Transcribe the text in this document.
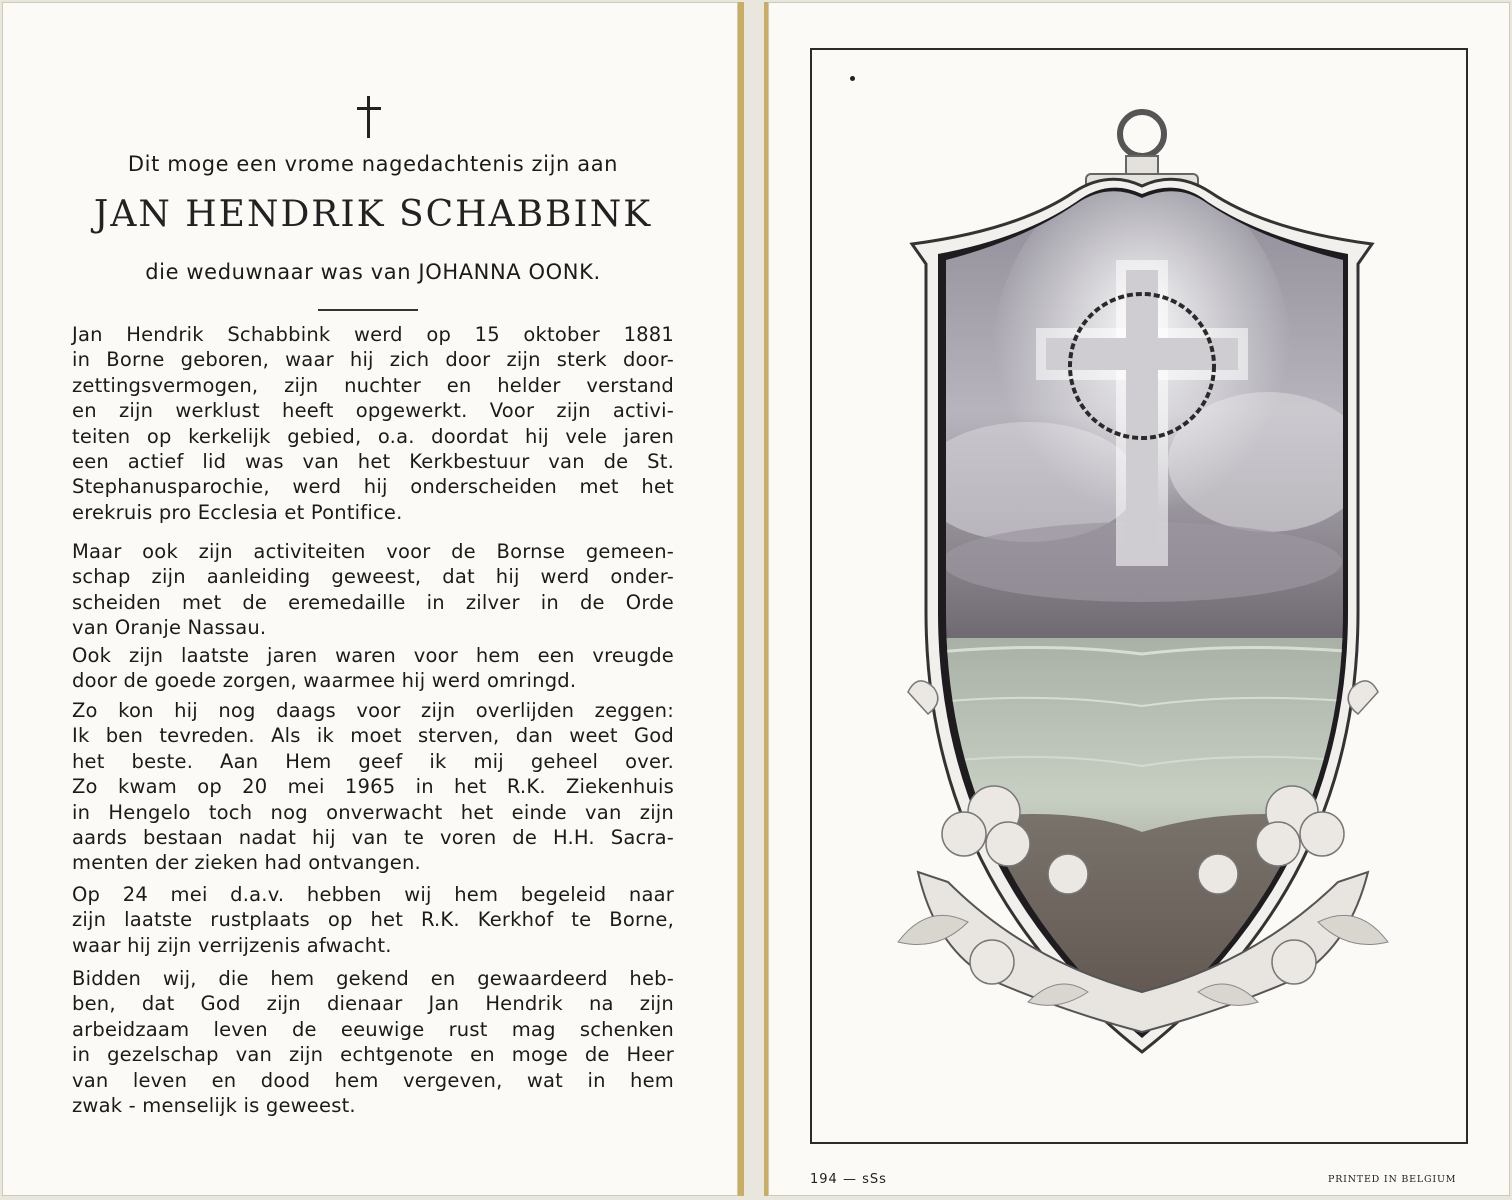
Dit moge een vrome nagedachtenis zijn aan
JAN HENDRIK SCHABBINK
die weduwnaar was van JOHANNA OONK.
Jan Hendrik Schabbink werd op 15 oktober 1881
in Borne geboren, waar hij zich door zijn sterk door-
zettingsvermogen, zijn nuchter en helder verstand
en zijn werklust heeft opgewerkt. Voor zijn activi-
teiten op kerkelijk gebied, o.a. doordat hij vele jaren
een actief lid was van het Kerkbestuur van de St.
Stephanusparochie, werd hij onderscheiden met het
erekruis pro Ecclesia et Pontifice.
Maar ook zijn activiteiten voor de Bornse gemeen-
schap zijn aanleiding geweest, dat hij werd onder-
scheiden met de eremedaille in zilver in de Orde
van Oranje Nassau.
Ook zijn laatste jaren waren voor hem een vreugde
door de goede zorgen, waarmee hij werd omringd.
Zo kon hij nog daags voor zijn overlijden zeggen:
Ik ben tevreden. Als ik moet sterven, dan weet God
het beste. Aan Hem geef ik mij geheel over.
Zo kwam op 20 mei 1965 in het R.K. Ziekenhuis
in Hengelo toch nog onverwacht het einde van zijn
aards bestaan nadat hij van te voren de H.H. Sacra-
menten der zieken had ontvangen.
Op 24 mei d.a.v. hebben wij hem begeleid naar
zijn laatste rustplaats op het R.K. Kerkhof te Borne,
waar hij zijn verrijzenis afwacht.
Bidden wij, die hem gekend en gewaardeerd heb-
ben, dat God zijn dienaar Jan Hendrik na zijn
arbeidzaam leven de eeuwige rust mag schenken
in gezelschap van zijn echtgenote en moge de Heer
van leven en dood hem vergeven, wat in hem
zwak - menselijk is geweest.
194 — sSs	PRINTED IN BELGIUM
